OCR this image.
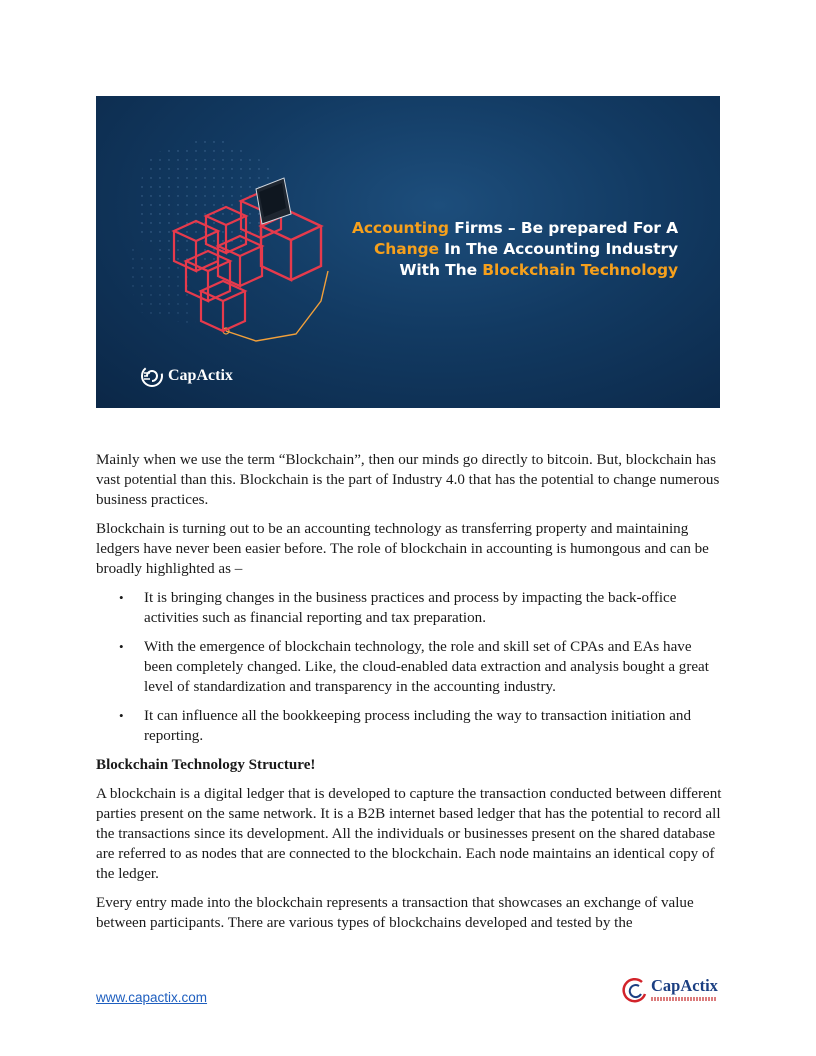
Accounting Firms – Be prepared For A
Change In The Accounting Industry
With The Blockchain Technology
CapActix

Mainly when we use the term “Blockchain”, then our minds go directly to bitcoin. But, blockchain has vast potential than this. Blockchain is the part of Industry 4.0 that has the potential to change numerous business practices.

Blockchain is turning out to be an accounting technology as transferring property and maintaining ledgers have never been easier before. The role of blockchain in accounting is humongous and can be broadly highlighted as –

• It is bringing changes in the business practices and process by impacting the back-office activities such as financial reporting and tax preparation.
• With the emergence of blockchain technology, the role and skill set of CPAs and EAs have been completely changed. Like, the cloud-enabled data extraction and analysis bought a great level of standardization and transparency in the accounting industry.
• It can influence all the bookkeeping process including the way to transaction initiation and reporting.
Blockchain Technology Structure!

A blockchain is a digital ledger that is developed to capture the transaction conducted between different parties present on the same network. It is a B2B internet based ledger that has the potential to record all the transactions since its development. All the individuals or businesses present on the shared database are referred to as nodes that are connected to the blockchain. Each node maintains an identical copy of the ledger.

Every entry made into the blockchain represents a transaction that showcases an exchange of value between participants. There are various types of blockchains developed and tested by the

www.capactix.com
CapActix
